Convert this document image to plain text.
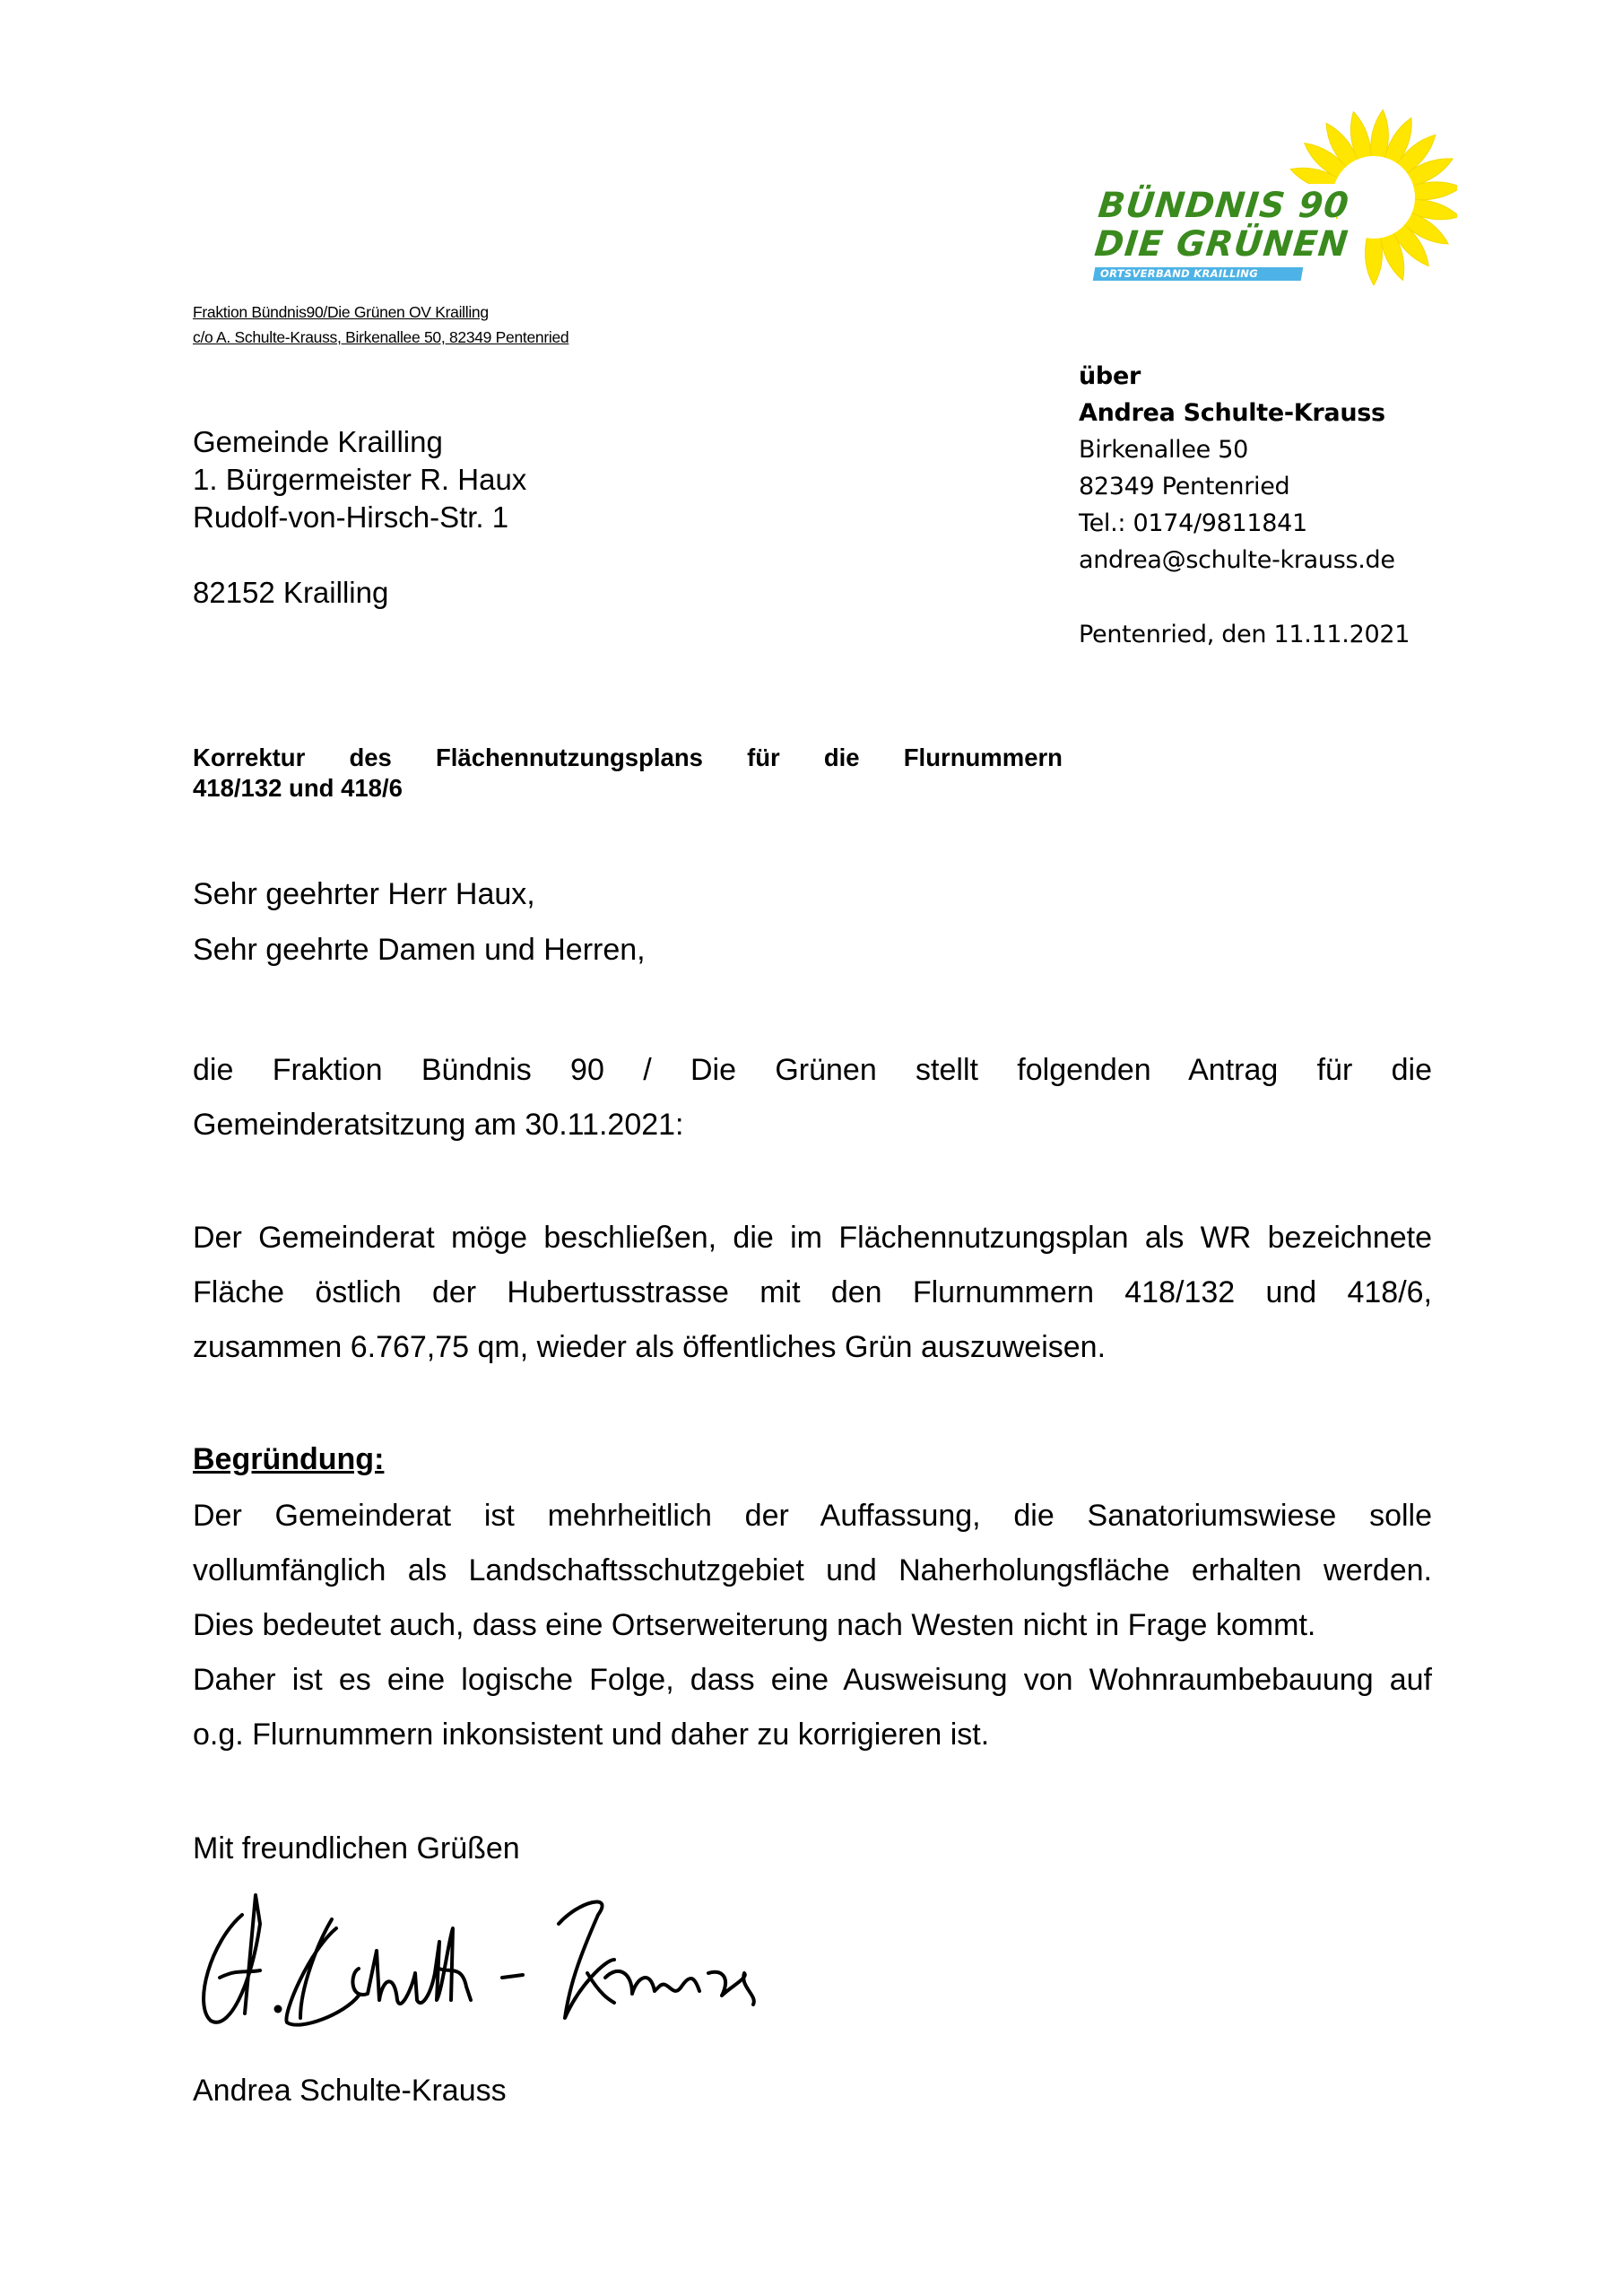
BÜNDNIS 90
DIE GRÜNEN
ORTSVERBAND KRAILLING
Fraktion Bündnis90/Die Grünen OV Krailling
c/o A. Schulte-Krauss, Birkenallee 50, 82349 Pentenried
Gemeinde Krailling
1. Bürgermeister R. Haux
Rudolf-von-Hirsch-Str. 1
82152 Krailling
über
Andrea Schulte-Krauss
Birkenallee 50
82349 Pentenried
Tel.: 0174/9811841
andrea@schulte-krauss.de
Pentenried, den 11.11.2021
Korrektur des Flächennutzungsplans für die Flurnummern
418/132 und 418/6
Sehr geehrter Herr Haux,
Sehr geehrte Damen und Herren,
die Fraktion Bündnis 90 / Die Grünen stellt folgenden Antrag für die
Gemeinderatsitzung am 30.11.2021:
Der Gemeinderat möge beschließen, die im Flächennutzungsplan als WR bezeichnete
Fläche östlich der Hubertusstrasse mit den Flurnummern 418/132 und 418/6,
zusammen 6.767,75 qm, wieder als öffentliches Grün auszuweisen.
Begründung:
Der Gemeinderat ist mehrheitlich der Auffassung, die Sanatoriumswiese solle
vollumfänglich als Landschaftsschutzgebiet und Naherholungsfläche erhalten werden.
Dies bedeutet auch, dass eine Ortserweiterung nach Westen nicht in Frage kommt.
Daher ist es eine logische Folge, dass eine Ausweisung von Wohnraumbebauung auf
o.g. Flurnummern inkonsistent und daher zu korrigieren ist.
Mit freundlichen Grüßen
Andrea Schulte-Krauss
